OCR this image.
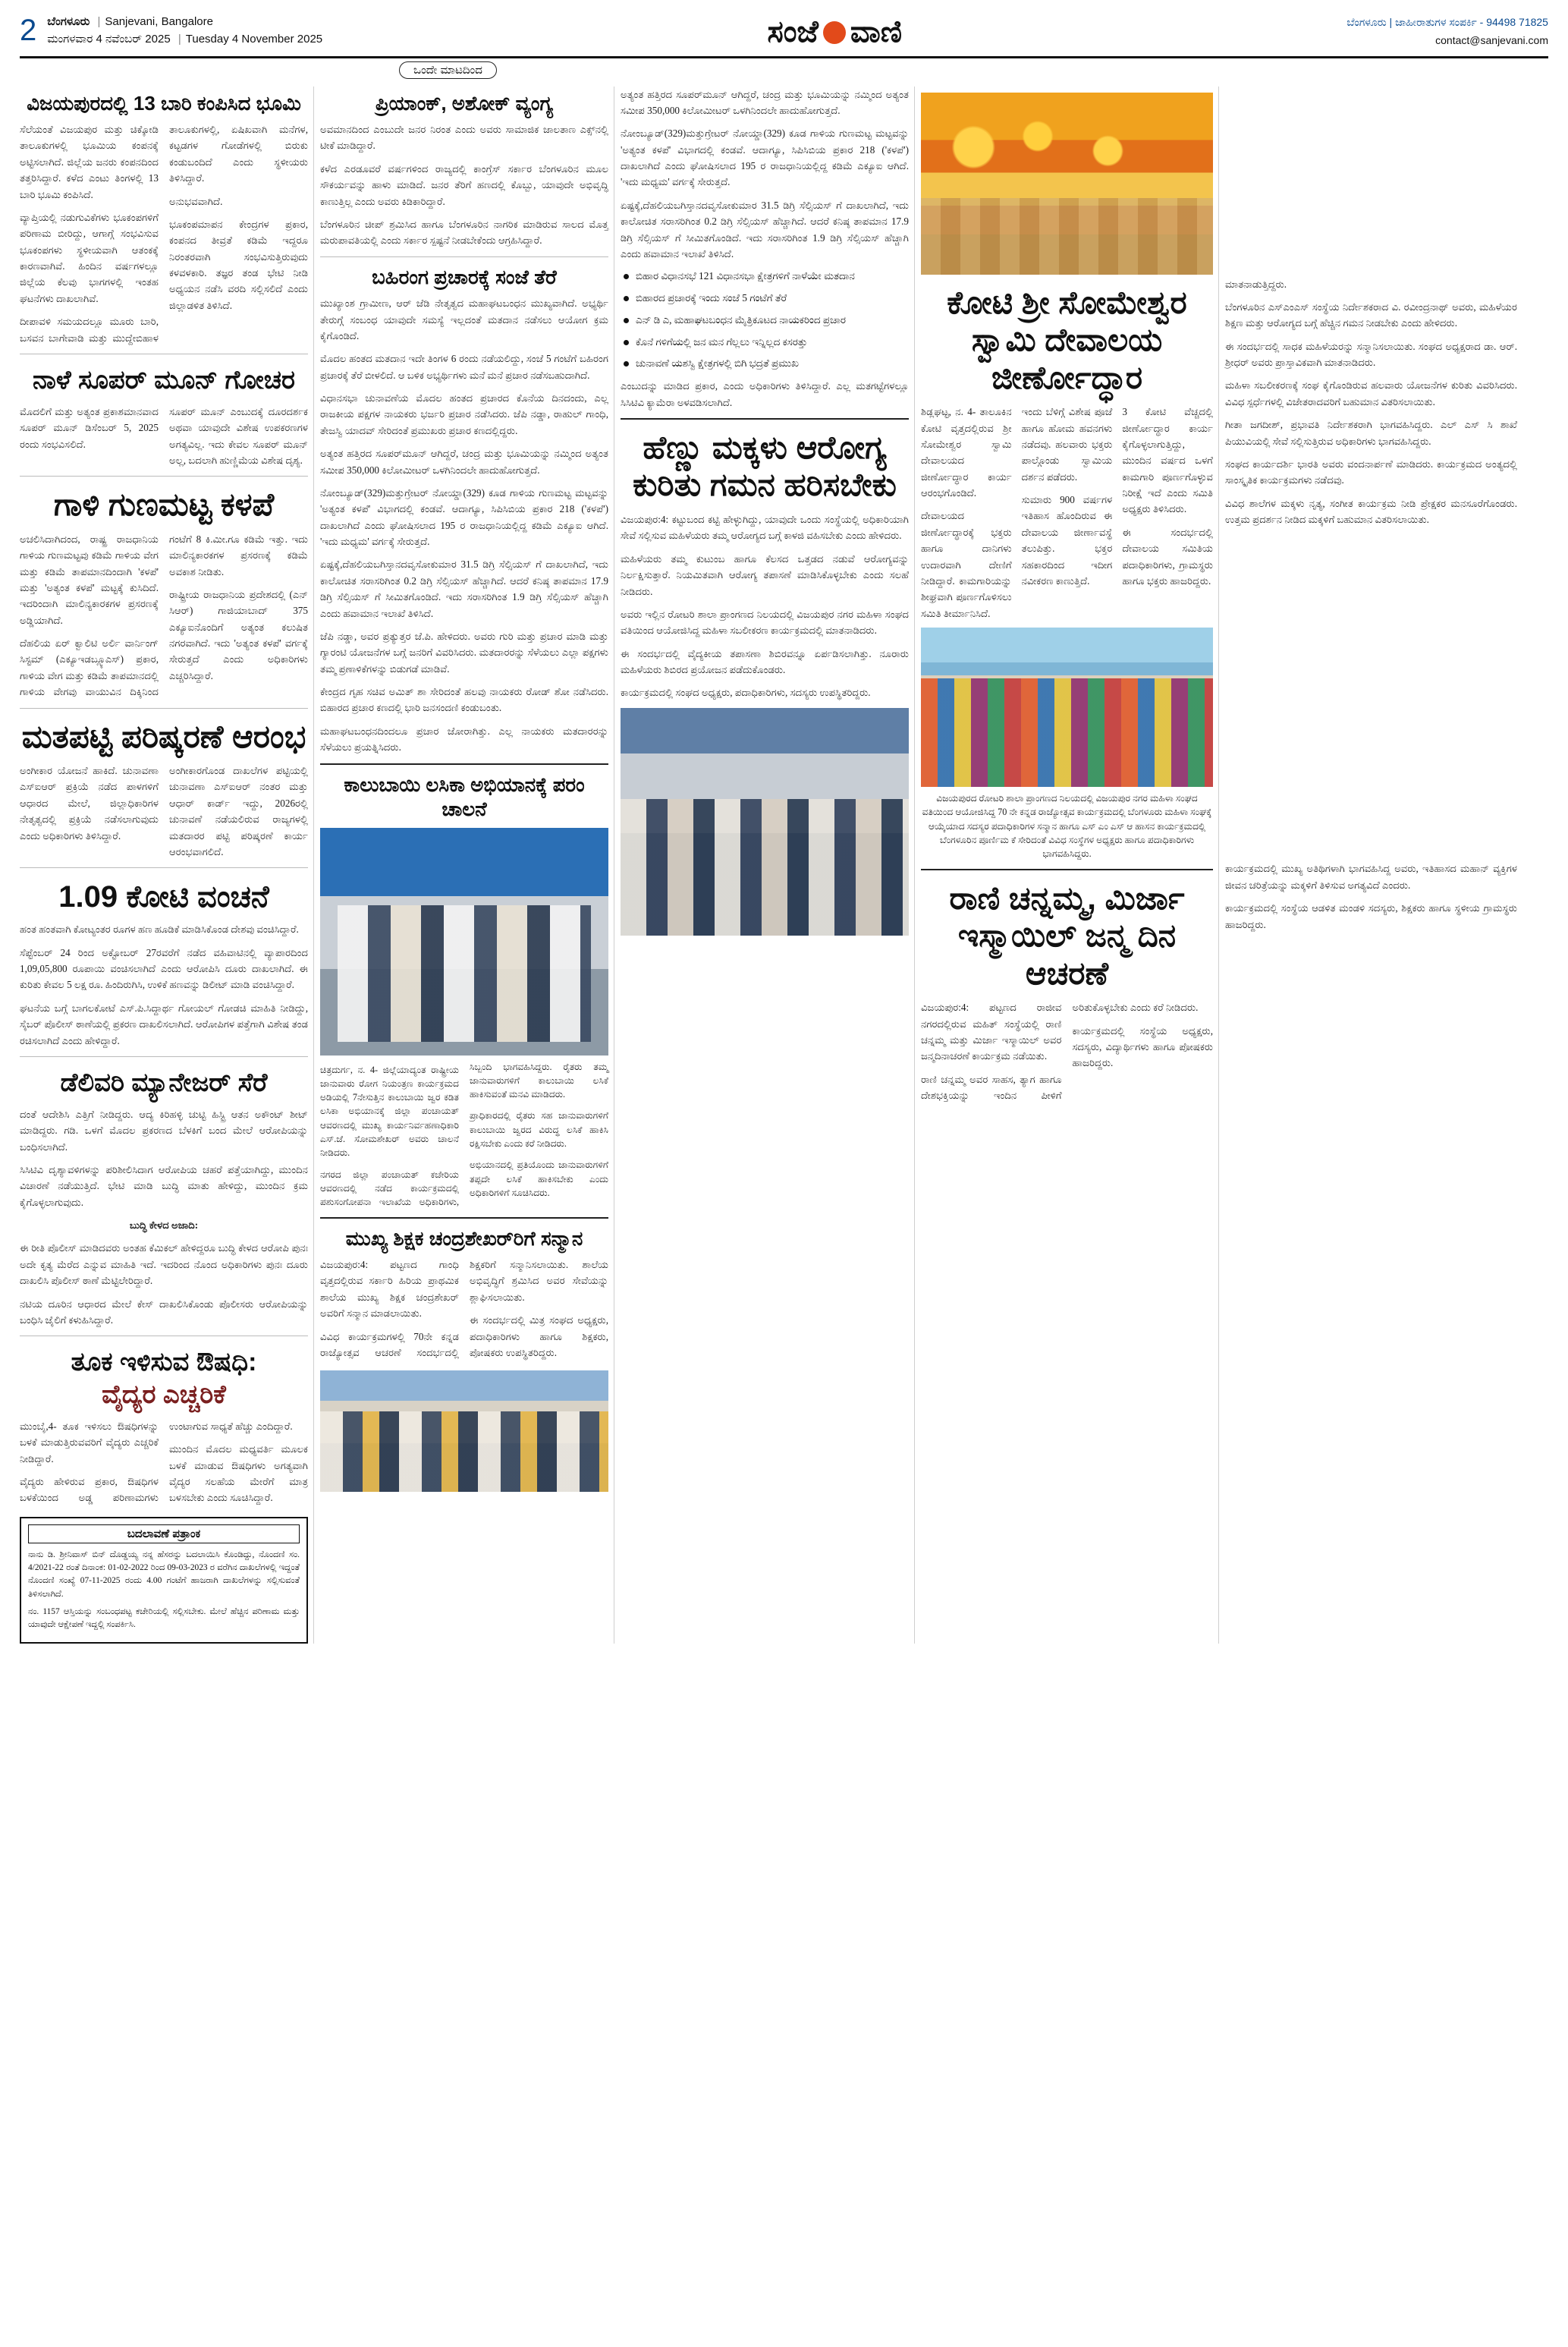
2 ಬೆಂಗಳೂರು | Sanjevani, Bangalore
ಮಂಗಳವಾರ 4 ನವೆಂಬರ್ 2025 | Tuesday 4 November 2025	ಸಂಜೆ ವಾಣಿ	ಬೆಂಗಳೂರು | ಜಾಹೀರಾತುಗಳ ಸಂಪರ್ಕಿ - 94498 71825
contact@sanjevani.com
ಒಂದೇ ಮಾಟದಿಂದ
ವಿಜಯಪುರದಲ್ಲಿ 13 ಬಾರಿ ಕಂಪಿಸಿದ ಭೂಮಿ

ಸೆಲೆಯಂತೆ ವಿಜಯಪುರ ಮತ್ತು ಚಿಕ್ಕೋಡಿ ತಾಲೂಕುಗಳಲ್ಲಿ ಭೂಮಿಯ ಕಂಪನಕ್ಕೆ ಅಟ್ಟಿಸಲಾಗಿದೆ. ಜಿಲ್ಲೆಯ ಜನರು ಕಂಪನದಿಂದ ತತ್ತರಿಸಿದ್ದಾರೆ. ಕಳೆದ ಎಂಟು ತಿಂಗಳಲ್ಲಿ 13 ಬಾರಿ ಭೂಮಿ ಕಂಪಿಸಿದೆ.

ವ್ಯಾಪ್ತಿಯಲ್ಲಿ ನಡುಗುವಿಕೆಗಳು ಭೂಕಂಪಗಳಿಗೆ ಪರಿಣಾಮ ಬೀರಿದ್ದು, ಆಗಾಗ್ಗೆ ಸಂಭವಿಸುವ ಭೂಕಂಪಗಳು ಸ್ಥಳೀಯವಾಗಿ ಆತಂಕಕ್ಕೆ ಕಾರಣವಾಗಿವೆ. ಹಿಂದಿನ ವರ್ಷಗಳಲ್ಲೂ ಜಿಲ್ಲೆಯ ಕೆಲವು ಭಾಗಗಳಲ್ಲಿ ಇಂತಹ ಘಟನೆಗಳು ದಾಖಲಾಗಿವೆ.

ದೀಪಾವಳಿ ಸಮಯದಲ್ಲೂ ಮೂರು ಬಾರಿ, ಬಸವನ ಬಾಗೇವಾಡಿ ಮತ್ತು ಮುದ್ದೇಬಿಹಾಳ ತಾಲೂಕುಗಳಲ್ಲಿ, ಏಷಿಖವಾಗಿ ಮನೆಗಳ, ಕಟ್ಟಡಗಳ ಗೋಡೆಗಳಲ್ಲಿ ಬಿರುಕು ಕಂಡುಬಂದಿದೆ ಎಂದು ಸ್ಥಳೀಯರು ತಿಳಿಸಿದ್ದಾರೆ.

ಅನುಭವವಾಗಿದೆ.

ಭೂಕಂಪಮಾಪನ ಕೇಂದ್ರಗಳ ಪ್ರಕಾರ, ಕಂಪನದ ತೀವ್ರತೆ ಕಡಿಮೆ ಇದ್ದರೂ ನಿರಂತರವಾಗಿ ಸಂಭವಿಸುತ್ತಿರುವುದು ಕಳವಳಕಾರಿ. ತಜ್ಞರ ತಂಡ ಭೇಟಿ ನೀಡಿ ಅಧ್ಯಯನ ನಡೆಸಿ ವರದಿ ಸಲ್ಲಿಸಲಿದೆ ಎಂದು ಜಿಲ್ಲಾಡಳಿತ ತಿಳಿಸಿದೆ.

ನಾಳೆ ಸೂಪರ್ ಮೂನ್ ಗೋಚರ

ಮೊದಲಿಗೆ ಮತ್ತು ಅತ್ಯಂತ ಪ್ರಕಾಶಮಾನವಾದ ಸೂಪರ್ ಮೂನ್ ಡಿಸೆಂಬರ್ 5, 2025 ರಂದು ಸಂಭವಿಸಲಿದೆ.

ಸೂಪರ್ ಮೂನ್ ಎಂಬುದಕ್ಕೆ ದೂರದರ್ಶಕ ಅಥವಾ ಯಾವುದೇ ವಿಶೇಷ ಉಪಕರಣಗಳ ಅಗತ್ಯವಿಲ್ಲ. ಇದು ಕೇವಲ ಸೂಪರ್ ಮೂನ್ ಅಲ್ಲ, ಬದಲಾಗಿ ಹುಣ್ಣಿಮೆಯ ವಿಶೇಷ ದೃಶ್ಯ.

ಗಾಳಿ ಗುಣಮಟ್ಟ ಕಳಪೆ

ಅಚಲಿಸಿದಾಗಿದಂದ, ರಾಷ್ಟ್ರ ರಾಜಧಾನಿಯ ಗಾಳಿಯ ಗುಣಮಟ್ಟವು ಕಡಿಮೆ ಗಾಳಿಯ ವೇಗ ಮತ್ತು ಕಡಿಮೆ ತಾಪಮಾನದಿಂದಾಗಿ 'ಕಳಪೆ' ಮತ್ತು 'ಅತ್ಯಂತ ಕಳಪೆ' ಮಟ್ಟಕ್ಕೆ ಕುಸಿದಿದೆ. ಇದರಿಂದಾಗಿ ಮಾಲಿನ್ಯಕಾರಕಗಳ ಪ್ರಸರಣಕ್ಕೆ ಅಡ್ಡಿಯಾಗಿದೆ.

ದೆಹಲಿಯ ಏರ್ ಕ್ವಾಲಿಟಿ ಅರ್ಲಿ ವಾರ್ನಿಂಗ್ ಸಿಸ್ಟಮ್ (ಎಕ್ಯೂಇಡಬ್ಲ್ಯೂಎಸ್) ಪ್ರಕಾರ, ಗಾಳಿಯ ವೇಗ ಮತ್ತು ಕಡಿಮೆ ತಾಪಮಾನದಲ್ಲಿ ಗಾಳಿಯ ವೇಗವು ವಾಯುವಿನ ದಿಕ್ಕಿನಿಂದ ಗಂಟೆಗೆ 8 ಕಿ.ಮೀ.ಗೂ ಕಡಿಮೆ ಇತ್ತು. ಇದು ಮಾಲಿನ್ಯಕಾರಕಗಳ ಪ್ರಸರಣಕ್ಕೆ ಕಡಿಮೆ ಅವಕಾಶ ನೀಡಿತು.

ರಾಷ್ಟ್ರೀಯ ರಾಜಧಾನಿಯ ಪ್ರದೇಶದಲ್ಲಿ (ಎನ್ ಸಿಆರ್) ಗಾಜಿಯಾಬಾದ್ 375 ಎಕ್ಯೂಐನೊಂದಿಗೆ ಅತ್ಯಂತ ಕಲುಷಿತ ನಗರವಾಗಿದೆ. ಇದು 'ಅತ್ಯಂತ ಕಳಪೆ' ವರ್ಗಕ್ಕೆ ಸೇರುತ್ತದೆ ಎಂದು ಅಧಿಕಾರಿಗಳು ಎಚ್ಚರಿಸಿದ್ದಾರೆ.

ಮತಪಟ್ಟಿ ಪರಿಷ್ಕರಣೆ ಆರಂಭ

ಅಂಗೀಕಾರ ಯೋಜನೆ ಹಾಕಿದೆ. ಚುನಾವಣಾ ಎಸ್‌ಐಆರ್‌ ಪ್ರಕ್ರಿಯೆ ನಡೆದ ಪಾಳಗಳಿಗೆ ಆಧಾರದ ಮೇಲೆ, ಜಿಲ್ಲಾಧಿಕಾರಿಗಳ ನೇತೃತ್ವದಲ್ಲಿ ಪ್ರಕ್ರಿಯೆ ನಡೆಸಲಾಗುವುದು ಎಂದು ಅಧಿಕಾರಿಗಳು ತಿಳಿಸಿದ್ದಾರೆ.

ಅಂಗೀಕಾರಗೊಂಡ ದಾಖಲೆಗಳ ಪಟ್ಟಿಯಲ್ಲಿ ಚುನಾವಣಾ ಎಸ್‌ಐಆರ್ ನಂತರ ಮತ್ತು ಆಧಾರ್ ಕಾರ್ಡ್ ಇದ್ದು, 2026ರಲ್ಲಿ ಚುನಾವಣೆ ನಡೆಯಲಿರುವ ರಾಜ್ಯಗಳಲ್ಲಿ ಮತದಾರರ ಪಟ್ಟಿ ಪರಿಷ್ಕರಣೆ ಕಾರ್ಯ ಆರಂಭವಾಗಲಿದೆ.

1.09 ಕೋಟಿ ವಂಚನೆ

ಹಂತ ಹಂತವಾಗಿ ಕೋಟ್ಯಂತರ ರೂಗಳ ಹಣ ಹೂಡಿಕೆ ಮಾಡಿಸಿಕೊಂಡ ದೇಶವು ವಂಚಿಸಿದ್ದಾರೆ.

ಸೆಪ್ಟೆಂಬರ್ 24 ರಿಂದ ಅಕ್ಟೋಬರ್ 27ರವರೆಗೆ ನಡೆದ ವಹಿವಾಟಿನಲ್ಲಿ ವ್ಯಾಪಾರದಿಂದ 1,09,05,800 ರೂಪಾಯಿ ವಂಚಿಸಲಾಗಿದೆ ಎಂದು ಆರೋಪಿಸಿ ದೂರು ದಾಖಲಾಗಿದೆ. ಈ ಕುರಿತು ಕೇವಲ 5 ಲಕ್ಷ ರೂ. ಹಿಂದಿರುಗಿಸಿ, ಉಳಿಕೆ ಹಣವನ್ನು ಡಿಲೀಟ್ ಮಾಡಿ ವಂಚಿಸಿದ್ದಾರೆ.

ಘಟನೆಯ ಬಗ್ಗೆ ಬಾಗಲಕೋಟೆ ಎಸ್‌.ಪಿ.ಸಿದ್ದಾರ್ಥ ಗೋಯಲ್ ಗೋಡಚಿ ಮಾಹಿತಿ ನೀಡಿದ್ದು, ಸೈಬರ್ ಪೊಲೀಸ್ ಠಾಣೆಯಲ್ಲಿ ಪ್ರಕರಣ ದಾಖಲಿಸಲಾಗಿದೆ. ಆರೋಪಿಗಳ ಪತ್ತೆಗಾಗಿ ವಿಶೇಷ ತಂಡ ರಚಿಸಲಾಗಿದೆ ಎಂದು ಹೇಳಿದ್ದಾರೆ.

ಡೆಲಿವರಿ ಮ್ಯಾನೇಜರ್ ಸೆರೆ

ದಂತೆ ಆದೇಶಿಸಿ ಎತ್ತಿಗೆ ನೀಡಿದ್ದರು. ಆದ್ಯ ಕಿರಿಹಳ್ಳಿ ಚುಟ್ಟಿ ಹಿಸ್ಟ್ರಿ ಆತನ ಅಕೌಂಟ್ ಶೀಟ್ ಮಾಡಿದ್ದರು. ಗಡಿ. ಒಳಗೆ ಮೊದಲ ಪ್ರಕರಣದ ಬೆಳಕಿಗೆ ಬಂದ ಮೇಲೆ ಆರೋಪಿಯನ್ನು ಬಂಧಿಸಲಾಗಿದೆ.

ಸಿಸಿಟಿವಿ ದೃಶ್ಯಾವಳಿಗಳನ್ನು ಪರಿಶೀಲಿಸಿದಾಗ ಆರೋಪಿಯ ಚಹರೆ ಪತ್ತೆಯಾಗಿದ್ದು, ಮುಂದಿನ ವಿಚಾರಣೆ ನಡೆಯುತ್ತಿದೆ. ಭೇಟಿ ಮಾಡಿ ಬುದ್ಧಿ ಮಾತು ಹೇಳಿದ್ದು, ಮುಂದಿನ ಕ್ರಮ ಕೈಗೊಳ್ಳಲಾಗುವುದು.

ಬುದ್ಧಿ ಕೇಳದ ಅಜಾದಿ:

ಈ ರೀತಿ ಪೊಲೀಸ್ ಮಾಡಿದವರು ಅಂತಹ ಕೆಮಿಕಲ್ ಹೇಳಿದ್ದರೂ ಬುದ್ಧಿ ಕೇಳದ ಆರೋಪಿ ಪುನಃ ಅದೇ ಕೃತ್ಯ ಮೆರೆದ ಎನ್ನುವ ಮಾಹಿತಿ ಇದೆ. ಇದರಿಂದ ನೊಂದ ಅಧಿಕಾರಿಗಳು ಪುನಃ ದೂರು ದಾಖಲಿಸಿ ಪೊಲೀಸ್ ಠಾಣೆ ಮೆಟ್ಟಿಲೇರಿದ್ದಾರೆ.

ನಟಿಯ ದೂರಿನ ಆಧಾರದ ಮೇಲೆ ಕೇಸ್ ದಾಖಲಿಸಿಕೊಂಡು ಪೊಲೀಸರು ಆರೋಪಿಯನ್ನು ಬಂಧಿಸಿ ಜೈಲಿಗೆ ಕಳುಹಿಸಿದ್ದಾರೆ.

ತೂಕ ಇಳಿಸುವ ಔಷಧಿ:
ವೈದ್ಯರ ಎಚ್ಚರಿಕೆ

ಮುಂಬೈ,4- ತೂಕ ಇಳಿಸಲು ಔಷಧಿಗಳನ್ನು ಬಳಕೆ ಮಾಡುತ್ತಿರುವವರಿಗೆ ವೈದ್ಯರು ಎಚ್ಚರಿಕೆ ನೀಡಿದ್ದಾರೆ.

ವೈದ್ಯರು ಹೇಳಿರುವ ಪ್ರಕಾರ, ಔಷಧಿಗಳ ಬಳಕೆಯಿಂದ ಅಡ್ಡ ಪರಿಣಾಮಗಳು ಉಂಟಾಗುವ ಸಾಧ್ಯತೆ ಹೆಚ್ಚು ಎಂದಿದ್ದಾರೆ.

ಮುಂದಿನ ಮೊದಲ ಮಧ್ಯವರ್ತಿ ಮೂಲಕ ಬಳಕೆ ಮಾಡುವ ಔಷಧಿಗಳು ಅಗತ್ಯವಾಗಿ ವೈದ್ಯರ ಸಲಹೆಯ ಮೇರೆಗೆ ಮಾತ್ರ ಬಳಸಬೇಕು ಎಂದು ಸೂಚಿಸಿದ್ದಾರೆ.

ಬದಲಾವಣೆ ಪತ್ರಾಂಕ

ನಾನು ಡಿ. ಶ್ರೀನಿವಾಸ್ ಬಿನ್ ದೊಡ್ಡಯ್ಯ ನನ್ನ ಹೆಸರನ್ನು ಬದಲಾಯಿಸಿ ಕೊಂಡಿದ್ದು, ನೊಂದಣಿ ಸಂ. 4/2021-22 ರಂತೆ ದಿನಾಂಕ: 01-02-2022 ರಿಂದ 09-03-2023 ರ ವರೆಗಿನ ದಾಖಲೆಗಳಲ್ಲಿ ಇದ್ದಂತೆ ನೊಂದಣಿ ಸಂಖ್ಯೆ 07-11-2025 ರಂದು 4.00 ಗಂಟೆಗೆ ಹಾಜರಾಗಿ ದಾಖಲೆಗಳನ್ನು ಸಲ್ಲಿಸುವಂತೆ ತಿಳಿಸಲಾಗಿದೆ.

ನಂ. 1157 ಆಸ್ತಿಯನ್ನು ಸಂಬಂಧಪಟ್ಟ ಕಚೇರಿಯಲ್ಲಿ ಸಲ್ಲಿಸಬೇಕು. ಮೇಲೆ ಹೆಚ್ಚಿನ ಪರಿಣಾಮ ಮತ್ತು ಯಾವುದೇ ಆಕ್ಷೇಪಣೆ ಇದ್ದಲ್ಲಿ ಸಂಪರ್ಕಿಸಿ.

ಪ್ರಿಯಾಂಕ್, ಅಶೋಕ್ ವ್ಯಂಗ್ಯ

ಅವಮಾನದಿಂದ ಎಂಬುದೇ ಜನರ ನಿರಂತ ಎಂದು ಅವರು ಸಾಮಾಜಿಕ ಜಾಲತಾಣ ಎಕ್ಸ್‌ನಲ್ಲಿ ಟೀಕೆ ಮಾಡಿದ್ದಾರೆ.

ಕಳೆದ ಎರಡೂವರೆ ವರ್ಷಗಳಿಂದ ರಾಜ್ಯದಲ್ಲಿ ಕಾಂಗ್ರೆಸ್ ಸರ್ಕಾರ ಬೆಂಗಳೂರಿನ ಮೂಲ ಸೌಕರ್ಯವನ್ನು ಹಾಳು ಮಾಡಿದೆ. ಜನರ ತೆರಿಗೆ ಹಣದಲ್ಲಿ ಕೊಬ್ಬು, ಯಾವುದೇ ಅಭಿವೃದ್ಧಿ ಕಾಣುತ್ತಿಲ್ಲ ಎಂದು ಅವರು ಕಿಡಿಕಾರಿದ್ದಾರೆ.

ಬೆಂಗಳೂರಿನ ಚೀಪ್ ಶ್ರಮಿಸಿದ ಹಾಗೂ ಬೆಂಗಳೂರಿನ ನಾಗರಿಕ ಮಾಡಿರುವ ಸಾಲದ ಮೊತ್ತ ಮರುಪಾವತಿಯಲ್ಲಿ ಎಂದು ಸರ್ಕಾರ ಸ್ಪಷ್ಟನೆ ನೀಡಬೇಕೆಂದು ಆಗ್ರಹಿಸಿದ್ದಾರೆ.

ಬಹಿರಂಗ ಪ್ರಚಾರಕ್ಕೆ ಸಂಜೆ ತೆರೆ

ಮುಖ್ಯಾಂಶ ಗ್ರಾಮೀಣ, ಆರ್ ಜೆಡಿ ನೇತೃತ್ವದ ಮಹಾಘಟಬಂಧನ ಮುಖ್ಯವಾಗಿದೆ. ಅಭ್ಯರ್ಥಿ ತೇರುಗ್ಗೆ ಸಂಬಂಧ ಯಾವುದೇ ಸಮಸ್ಯೆ ಇಲ್ಲದಂತೆ ಮತದಾನ ನಡೆಸಲು ಆಯೋಗ ಕ್ರಮ ಕೈಗೊಂಡಿದೆ.

ಮೊದಲ ಹಂತದ ಮತದಾನ ಇದೇ ತಿಂಗಳ 6 ರಂದು ನಡೆಯಲಿದ್ದು, ಸಂಜೆ 5 ಗಂಟೆಗೆ ಬಹಿರಂಗ ಪ್ರಚಾರಕ್ಕೆ ತೆರೆ ಬೀಳಲಿದೆ. ಆ ಬಳಿಕ ಅಭ್ಯರ್ಥಿಗಳು ಮನೆ ಮನೆ ಪ್ರಚಾರ ನಡೆಸಬಹುದಾಗಿದೆ.

ವಿಧಾನಸಭಾ ಚುನಾವಣೆಯ ಮೊದಲ ಹಂತದ ಪ್ರಚಾರದ ಕೊನೆಯ ದಿನದಂದು, ಎಲ್ಲ ರಾಜಕೀಯ ಪಕ್ಷಗಳ ನಾಯಕರು ಭರ್ಜರಿ ಪ್ರಚಾರ ನಡೆಸಿದರು. ಜೆಪಿ ನಡ್ಡಾ, ರಾಹುಲ್ ಗಾಂಧಿ, ತೇಜಸ್ವಿ ಯಾದವ್ ಸೇರಿದಂತೆ ಪ್ರಮುಖರು ಪ್ರಚಾರ ಕಣದಲ್ಲಿದ್ದರು.

ಅತ್ಯಂತ ಹತ್ತಿರದ ಸೂಪರ್‌ಮೂನ್ ಆಗಿದ್ದರೆ, ಚಂದ್ರ ಮತ್ತು ಭೂಮಿಯನ್ನು ನಮ್ಮಿಂದ ಅತ್ಯಂತ ಸಮೀಪ 350,000 ಕಿಲೋಮೀಟರ್ ಒಳಗಿನಿಂದಲೇ ಹಾದುಹೋಗುತ್ತದೆ.

ನೋಂಬ್ಯೂಡ್(329)ಮತ್ತುಗ್ರೇಟರ್ ನೋಯ್ಡಾ(329) ಕೂಡ ಗಾಳಿಯ ಗುಣಮಟ್ಟ ಮಟ್ಟವನ್ನು 'ಅತ್ಯಂತ ಕಳಪೆ' ವಿಭಾಗದಲ್ಲಿ ಕಂಡವೆ. ಆದಾಗ್ಯೂ, ಸಿಪಿಸಿಬಿಯ ಪ್ರಕಾರ 218 ('ಕಳಪೆ') ದಾಖಲಾಗಿದೆ ಎಂದು ಘೋಷಿಸಲಾದ 195 ರ ರಾಜಧಾನಿಯಲ್ಲಿದ್ದ ಕಡಿಮೆ ಎಕ್ಯೂಐ ಆಗಿದೆ. 'ಇದು ಮಧ್ಯಮ' ವರ್ಗಕ್ಕೆ ಸೇರುತ್ತದೆ.

ಏಷ್ಟಕ್ಕೆ,ದೆಹಲಿಯಬಗಿಸ್ತಾನದವೃಸೋಕುಮಾರ 31.5 ಡಿಗ್ರಿ ಸೆಲ್ಸಿಯಸ್ ಗೆ ದಾಖಲಾಗಿದೆ, ಇದು ಕಾಲೋಚಿತ ಸರಾಸರಿಗಿಂತ 0.2 ಡಿಗ್ರಿ ಸೆಲ್ಸಿಯಸ್ ಹೆಚ್ಚಾಗಿದೆ. ಆದರೆ ಕನಿಷ್ಠ ತಾಪಮಾನ 17.9 ಡಿಗ್ರಿ ಸೆಲ್ಸಿಯಸ್ ಗೆ ಸೀಮಿತಗೊಂಡಿದೆ. ಇದು ಸರಾಸರಿಗಿಂತ 1.9 ಡಿಗ್ರಿ ಸೆಲ್ಸಿಯಸ್ ಹೆಚ್ಚಾಗಿ ಎಂದು ಹವಾಮಾನ ಇಲಾಖೆ ತಿಳಿಸಿದೆ.

ಜೆಪಿ ನಡ್ಡಾ, ಅವರ ಪ್ರತ್ಯುತ್ತರ ಜೆ.ಪಿ. ಹೇಳಿದರು. ಅವರು ಗುರಿ ಮತ್ತು ಪ್ರಚಾರ ಮಾಡಿ ಮತ್ತು ಗ್ಯಾರಂಟಿ ಯೋಜನೆಗಳ ಬಗ್ಗೆ ಜನರಿಗೆ ವಿವರಿಸಿದರು. ಮತದಾರರನ್ನು ಸೆಳೆಯಲು ಎಲ್ಲಾ ಪಕ್ಷಗಳು ತಮ್ಮ ಪ್ರಣಾಳಿಕೆಗಳನ್ನು ಬಿಡುಗಡೆ ಮಾಡಿವೆ.

ಕೇಂದ್ರದ ಗೃಹ ಸಚಿವ ಅಮಿತ್ ಶಾ ಸೇರಿದಂತೆ ಹಲವು ನಾಯಕರು ರೋಡ್ ಶೋ ನಡೆಸಿದರು. ಬಿಹಾರದ ಪ್ರಚಾರ ಕಣದಲ್ಲಿ ಭಾರಿ ಜನಸಂದಣಿ ಕಂಡುಬಂತು.

ಮಹಾಘಟಬಂಧನದಿಂದಲೂ ಪ್ರಚಾರ ಜೋರಾಗಿತ್ತು. ಎಲ್ಲ ನಾಯಕರು ಮತದಾರರನ್ನು ಸೆಳೆಯಲು ಪ್ರಯತ್ನಿಸಿದರು.

ಕಾಲುಬಾಯಿ ಲಸಿಕಾ ಅಭಿಯಾನಕ್ಕೆ ಪರಂ ಚಾಲನೆ

ಚಿತ್ರದುರ್ಗ, ನ. 4- ಜಿಲ್ಲೆಯಾದ್ಯಂತ ರಾಷ್ಟ್ರೀಯ ಜಾನುವಾರು ರೋಗ ನಿಯಂತ್ರಣ ಕಾರ್ಯಕ್ರಮದ ಅಡಿಯಲ್ಲಿ 7ನೇಸುತ್ತಿನ ಕಾಲುಬಾಯಿ ಜ್ವರ ಕಡಿತ ಲಸಿಕಾ ಅಭಿಯಾನಕ್ಕೆ ಜಿಲ್ಲಾ ಪಂಚಾಯತ್ ಆವರಣದಲ್ಲಿ ಮುಖ್ಯ ಕಾರ್ಯನಿರ್ವಹಣಾಧಿಕಾರಿ ಎಸ್.ಜೆ. ಸೋಮಶೇಖರ್ ಅವರು ಚಾಲನೆ ನೀಡಿದರು.

ನಗರದ ಜಿಲ್ಲಾ ಪಂಚಾಯತ್ ಕಚೇರಿಯ ಆವರಣದಲ್ಲಿ ನಡೆದ ಕಾರ್ಯಕ್ರಮದಲ್ಲಿ ಪಶುಸಂಗೋಪನಾ ಇಲಾಖೆಯ ಅಧಿಕಾರಿಗಳು, ಸಿಬ್ಬಂದಿ ಭಾಗವಹಿಸಿದ್ದರು. ರೈತರು ತಮ್ಮ ಜಾನುವಾರುಗಳಿಗೆ ಕಾಲುಬಾಯಿ ಲಸಿಕೆ ಹಾಕಿಸುವಂತೆ ಮನವಿ ಮಾಡಿದರು.

ಪ್ರಾಧಿಕಾರದಲ್ಲಿ ರೈತರು ಸಹ ಜಾನುವಾರುಗಳಿಗೆ ಕಾಲುಬಾಯಿ ಜ್ವರದ ವಿರುದ್ಧ ಲಸಿಕೆ ಹಾಕಿಸಿ ರಕ್ಷಿಸಬೇಕು ಎಂದು ಕರೆ ನೀಡಿದರು.

ಅಭಿಯಾನದಲ್ಲಿ ಪ್ರತಿಯೊಂದು ಜಾನುವಾರುಗಳಿಗೆ ತಪ್ಪದೇ ಲಸಿಕೆ ಹಾಕಿಸಬೇಕು ಎಂದು ಅಧಿಕಾರಿಗಳಿಗೆ ಸೂಚಿಸಿದರು.

ಮುಖ್ಯ ಶಿಕ್ಷಕ ಚಂದ್ರಶೇಖರ್‌ರಿಗೆ ಸನ್ಮಾನ

ವಿಜಯಪುರ:4: ಪಟ್ಟಣದ ಗಾಂಧಿ ವೃತ್ತದಲ್ಲಿರುವ ಸರ್ಕಾರಿ ಹಿರಿಯ ಪ್ರಾಥಮಿಕ ಶಾಲೆಯ ಮುಖ್ಯ ಶಿಕ್ಷಕ ಚಂದ್ರಶೇಖರ್ ಅವರಿಗೆ ಸನ್ಮಾನ ಮಾಡಲಾಯಿತು.

ವಿವಿಧ ಕಾರ್ಯಕ್ರಮಗಳಲ್ಲಿ 70ನೇ ಕನ್ನಡ ರಾಜ್ಯೋತ್ಸವ ಆಚರಣೆ ಸಂದರ್ಭದಲ್ಲಿ ಶಿಕ್ಷಕರಿಗೆ ಸನ್ಮಾನಿಸಲಾಯಿತು. ಶಾಲೆಯ ಅಭಿವೃದ್ಧಿಗೆ ಶ್ರಮಿಸಿದ ಅವರ ಸೇವೆಯನ್ನು ಶ್ಲಾಘಿಸಲಾಯಿತು.

ಈ ಸಂದರ್ಭದಲ್ಲಿ ಮಿತ್ರ ಸಂಘದ ಅಧ್ಯಕ್ಷರು, ಪದಾಧಿಕಾರಿಗಳು ಹಾಗೂ ಶಿಕ್ಷಕರು, ಪೋಷಕರು ಉಪಸ್ಥಿತರಿದ್ದರು.

ಅತ್ಯಂತ ಹತ್ತಿರದ ಸೂಪರ್‌ಮೂನ್ ಆಗಿದ್ದರೆ, ಚಂದ್ರ ಮತ್ತು ಭೂಮಿಯನ್ನು ನಮ್ಮಿಂದ ಅತ್ಯಂತ ಸಮೀಪ 350,000 ಕಿಲೋಮೀಟರ್ ಒಳಗಿನಿಂದಲೇ ಹಾದುಹೋಗುತ್ತದೆ.

ನೋಂಬ್ಯೂಡ್(329)ಮತ್ತುಗ್ರೇಟರ್ ನೋಯ್ಡಾ(329) ಕೂಡ ಗಾಳಿಯ ಗುಣಮಟ್ಟ ಮಟ್ಟವನ್ನು 'ಅತ್ಯಂತ ಕಳಪೆ' ವಿಭಾಗದಲ್ಲಿ ಕಂಡವೆ. ಆದಾಗ್ಯೂ, ಸಿಪಿಸಿಬಿಯ ಪ್ರಕಾರ 218 ('ಕಳಪೆ') ದಾಖಲಾಗಿದೆ ಎಂದು ಘೋಷಿಸಲಾದ 195 ರ ರಾಜಧಾನಿಯಲ್ಲಿದ್ದ ಕಡಿಮೆ ಎಕ್ಯೂಐ ಆಗಿದೆ. 'ಇದು ಮಧ್ಯಮ' ವರ್ಗಕ್ಕೆ ಸೇರುತ್ತದೆ.

ಏಷ್ಟಕ್ಕೆ,ದೆಹಲಿಯಬಗಿಸ್ತಾನದವೃಸೋಕುಮಾರ 31.5 ಡಿಗ್ರಿ ಸೆಲ್ಸಿಯಸ್ ಗೆ ದಾಖಲಾಗಿದೆ, ಇದು ಕಾಲೋಚಿತ ಸರಾಸರಿಗಿಂತ 0.2 ಡಿಗ್ರಿ ಸೆಲ್ಸಿಯಸ್ ಹೆಚ್ಚಾಗಿದೆ. ಆದರೆ ಕನಿಷ್ಠ ತಾಪಮಾನ 17.9 ಡಿಗ್ರಿ ಸೆಲ್ಸಿಯಸ್ ಗೆ ಸೀಮಿತಗೊಂಡಿದೆ. ಇದು ಸರಾಸರಿಗಿಂತ 1.9 ಡಿಗ್ರಿ ಸೆಲ್ಸಿಯಸ್ ಹೆಚ್ಚಾಗಿ ಎಂದು ಹವಾಮಾನ ಇಲಾಖೆ ತಿಳಿಸಿದೆ.

ಬಿಹಾರ ವಿಧಾನಸಭೆ 121 ವಿಧಾನಸಭಾ ಕ್ಷೇತ್ರಗಳಿಗೆ ನಾಳೆಯೇ ಮತದಾನ
ಬಿಹಾರದ ಪ್ರಚಾರಕ್ಕೆ ಇಂದು ಸಂಜೆ 5 ಗಂಟೆಗೆ ತೆರೆ
ಎನ್ ಡಿ ಎ, ಮಹಾಘಟಬಂಧನ ಮೈತ್ರಿಕೂಟದ ನಾಯಕರಿಂದ ಪ್ರಚಾರ
ಕೊನೆ ಗಳಿಗೆಯಲ್ಲಿ ಜನ ಮನ ಗೆಲ್ಲಲು ಇನ್ನಿಲ್ಲದ ಕಸರತ್ತು
ಚುನಾವಣೆ ಯಶಸ್ವಿ ಕ್ಷೇತ್ರಗಳಲ್ಲಿ ಬಿಗಿ ಭದ್ರತೆ ಪ್ರಮುಖ

ಎಂಬುದನ್ನು ಮಾಡಿದ ಪ್ರಕಾರ, ಎಂದು ಅಧಿಕಾರಿಗಳು ತಿಳಿಸಿದ್ದಾರೆ. ಎಲ್ಲ ಮತಗಟ್ಟೆಗಳಲ್ಲೂ ಸಿಸಿಟಿವಿ ಕ್ಯಾಮೆರಾ ಅಳವಡಿಸಲಾಗಿದೆ.

ಹೆಣ್ಣು ಮಕ್ಕಳು ಆರೋಗ್ಯ ಕುರಿತು ಗಮನ ಹರಿಸಬೇಕು

ವಿಜಯಪುರ:4: ಕಟ್ಟುಬಂದ ಕಟ್ಟಿ ಹೇಳ್ಳುಗಿದ್ದು, ಯಾವುದೇ ಒಂದು ಸಂಸ್ಥೆಯಲ್ಲಿ ಅಧಿಕಾರಿಯಾಗಿ ಸೇವೆ ಸಲ್ಲಿಸುವ ಮಹಿಳೆಯರು ತಮ್ಮ ಆರೋಗ್ಯದ ಬಗ್ಗೆ ಕಾಳಜಿ ವಹಿಸಬೇಕು ಎಂದು ಹೇಳಿದರು.

ಮಹಿಳೆಯರು ತಮ್ಮ ಕುಟುಂಬ ಹಾಗೂ ಕೆಲಸದ ಒತ್ತಡದ ನಡುವೆ ಆರೋಗ್ಯವನ್ನು ನಿರ್ಲಕ್ಷಿಸುತ್ತಾರೆ. ನಿಯಮಿತವಾಗಿ ಆರೋಗ್ಯ ತಪಾಸಣೆ ಮಾಡಿಸಿಕೊಳ್ಳಬೇಕು ಎಂದು ಸಲಹೆ ನೀಡಿದರು.

ಅವರು ಇಲ್ಲಿನ ರೋಟರಿ ಶಾಲಾ ಪ್ರಾಂಗಣದ ನಿಲಯದಲ್ಲಿ ವಿಜಯಪುರ ನಗರ ಮಹಿಳಾ ಸಂಘದ ವತಿಯಿಂದ ಆಯೋಜಿಸಿದ್ದ ಮಹಿಳಾ ಸಬಲೀಕರಣ ಕಾರ್ಯಕ್ರಮದಲ್ಲಿ ಮಾತನಾಡಿದರು.

ಈ ಸಂದರ್ಭದಲ್ಲಿ ವೈದ್ಯಕೀಯ ತಪಾಸಣಾ ಶಿಬಿರವನ್ನೂ ಏರ್ಪಡಿಸಲಾಗಿತ್ತು. ನೂರಾರು ಮಹಿಳೆಯರು ಶಿಬಿರದ ಪ್ರಯೋಜನ ಪಡೆದುಕೊಂಡರು.

ಕಾರ್ಯಕ್ರಮದಲ್ಲಿ ಸಂಘದ ಅಧ್ಯಕ್ಷರು, ಪದಾಧಿಕಾರಿಗಳು, ಸದಸ್ಯರು ಉಪಸ್ಥಿತರಿದ್ದರು.

ಕೋಟಿ ಶ್ರೀ ಸೋಮೇಶ್ವರ ಸ್ವಾಮಿ ದೇವಾಲಯ ಜೀರ್ಣೋದ್ಧಾರ

ಶಿಡ್ಲಘಟ್ಟ, ನ. 4- ತಾಲೂಕಿನ ಕೋಟಿ ವೃತ್ತದಲ್ಲಿರುವ ಶ್ರೀ ಸೋಮೇಶ್ವರ ಸ್ವಾಮಿ ದೇವಾಲಯದ ಜೀರ್ಣೋದ್ಧಾರ ಕಾರ್ಯ ಆರಂಭಗೊಂಡಿದೆ.

ದೇವಾಲಯದ ಜೀರ್ಣೋದ್ಧಾರಕ್ಕೆ ಭಕ್ತರು ಹಾಗೂ ದಾನಿಗಳು ಉದಾರವಾಗಿ ದೇಣಿಗೆ ನೀಡಿದ್ದಾರೆ. ಕಾಮಗಾರಿಯನ್ನು ಶೀಘ್ರವಾಗಿ ಪೂರ್ಣಗೊಳಿಸಲು ಸಮಿತಿ ತೀರ್ಮಾನಿಸಿದೆ.

ಇಂದು ಬೆಳಿಗ್ಗೆ ವಿಶೇಷ ಪೂಜೆ ಹಾಗೂ ಹೋಮ ಹವನಗಳು ನಡೆದವು. ಹಲವಾರು ಭಕ್ತರು ಪಾಲ್ಗೊಂಡು ಸ್ವಾಮಿಯ ದರ್ಶನ ಪಡೆದರು.

ಸುಮಾರು 900 ವರ್ಷಗಳ ಇತಿಹಾಸ ಹೊಂದಿರುವ ಈ ದೇವಾಲಯ ಜೀರ್ಣಾವಸ್ಥೆ ತಲುಪಿತ್ತು. ಭಕ್ತರ ಸಹಕಾರದಿಂದ ಇದೀಗ ನವೀಕರಣ ಕಾಣುತ್ತಿದೆ.

3 ಕೋಟಿ ವೆಚ್ಚದಲ್ಲಿ ಜೀರ್ಣೋದ್ಧಾರ ಕಾರ್ಯ ಕೈಗೊಳ್ಳಲಾಗುತ್ತಿದ್ದು, ಮುಂದಿನ ವರ್ಷದ ಒಳಗೆ ಕಾಮಗಾರಿ ಪೂರ್ಣಗೊಳ್ಳುವ ನಿರೀಕ್ಷೆ ಇದೆ ಎಂದು ಸಮಿತಿ ಅಧ್ಯಕ್ಷರು ತಿಳಿಸಿದರು.

ಈ ಸಂದರ್ಭದಲ್ಲಿ ದೇವಾಲಯ ಸಮಿತಿಯ ಪದಾಧಿಕಾರಿಗಳು, ಗ್ರಾಮಸ್ಥರು ಹಾಗೂ ಭಕ್ತರು ಹಾಜರಿದ್ದರು.

ವಿಜಯಪುರದ ರೋಟರಿ ಶಾಲಾ ಪ್ರಾಂಗಣದ ನಿಲಯದಲ್ಲಿ ವಿಜಯಪುರ ನಗರ ಮಹಿಳಾ ಸಂಘದ ವತಿಯಿಂದ ಆಯೋಜಿಸಿದ್ದ 70 ನೇ ಕನ್ನಡ ರಾಜ್ಯೋತ್ಸವ ಕಾರ್ಯಕ್ರಮದಲ್ಲಿ ಬೆಂಗಳೂರು ಮಹಿಳಾ ಸಂಘಕ್ಕೆ ಆಯ್ಕೆಯಾದ ಸದಸ್ಯರ ಪದಾಧಿಕಾರಿಗಳ ಸನ್ಮಾನ ಹಾಗೂ ಎಸ್ ಎಂ ಎಸ್ ಆ ಹಾಸನ ಕಾರ್ಯಕ್ರಮದಲ್ಲಿ ಬೆಂಗಳೂರಿನ ಪೂರ್ಣಿಮ ಕೆ ಸೇರಿದಂತೆ ವಿವಿಧ ಸಂಸ್ಥೆಗಳ ಅಧ್ಯಕ್ಷರು ಹಾಗೂ ಪದಾಧಿಕಾರಿಗಳು ಭಾಗವಹಿಸಿದ್ದರು.

ರಾಣಿ ಚನ್ನಮ್ಮ, ಮಿರ್ಜಾ ಇಸ್ಮಾಯಿಲ್ ಜನ್ಮ ದಿನ ಆಚರಣೆ

ವಿಜಯಪುರ:4: ಪಟ್ಟಣದ ರಾಜೀವ ನಗರದಲ್ಲಿರುವ ಮಹಿತ್ ಸಂಸ್ಥೆಯಲ್ಲಿ ರಾಣಿ ಚನ್ನಮ್ಮ ಮತ್ತು ಮಿರ್ಜಾ ಇಸ್ಮಾಯಿಲ್ ಅವರ ಜನ್ಮದಿನಾಚರಣೆ ಕಾರ್ಯಕ್ರಮ ನಡೆಯಿತು.

ರಾಣಿ ಚನ್ನಮ್ಮ ಅವರ ಸಾಹಸ, ತ್ಯಾಗ ಹಾಗೂ ದೇಶಭಕ್ತಿಯನ್ನು ಇಂದಿನ ಪೀಳಿಗೆ ಅರಿತುಕೊಳ್ಳಬೇಕು ಎಂದು ಕರೆ ನೀಡಿದರು.

ಕಾರ್ಯಕ್ರಮದಲ್ಲಿ ಸಂಸ್ಥೆಯ ಅಧ್ಯಕ್ಷರು, ಸದಸ್ಯರು, ವಿದ್ಯಾರ್ಥಿಗಳು ಹಾಗೂ ಪೋಷಕರು ಹಾಜರಿದ್ದರು.

ಮಾತನಾಡುತ್ತಿದ್ದರು.

ಬೆಂಗಳೂರಿನ ಎಸ್‌ಎಂಎಸ್ ಸಂಸ್ಥೆಯ ನಿರ್ದೇಶಕರಾದ ವಿ. ರವೀಂದ್ರನಾಥ್ ಅವರು, ಮಹಿಳೆಯರ ಶಿಕ್ಷಣ ಮತ್ತು ಆರೋಗ್ಯದ ಬಗ್ಗೆ ಹೆಚ್ಚಿನ ಗಮನ ನೀಡಬೇಕು ಎಂದು ಹೇಳಿದರು.

ಈ ಸಂದರ್ಭದಲ್ಲಿ ಸಾಧಕ ಮಹಿಳೆಯರನ್ನು ಸನ್ಮಾನಿಸಲಾಯಿತು. ಸಂಘದ ಅಧ್ಯಕ್ಷರಾದ ಡಾ. ಆರ್. ಶ್ರೀಧರ್ ಅವರು ಪ್ರಾಸ್ತಾವಿಕವಾಗಿ ಮಾತನಾಡಿದರು.

ಮಹಿಳಾ ಸಬಲೀಕರಣಕ್ಕೆ ಸಂಘ ಕೈಗೊಂಡಿರುವ ಹಲವಾರು ಯೋಜನೆಗಳ ಕುರಿತು ವಿವರಿಸಿದರು. ವಿವಿಧ ಸ್ಪರ್ಧೆಗಳಲ್ಲಿ ವಿಜೇತರಾದವರಿಗೆ ಬಹುಮಾನ ವಿತರಿಸಲಾಯಿತು.

ಗೀತಾ ಜಗದೀಶ್, ಪ್ರಭಾವತಿ ನಿರ್ದೇಶಕರಾಗಿ ಭಾಗವಹಿಸಿದ್ದರು. ಎಲ್ ಎಸ್ ಸಿ ಶಾಖೆ ಪಿಯುವಿಯಲ್ಲಿ ಸೇವೆ ಸಲ್ಲಿಸುತ್ತಿರುವ ಅಧಿಕಾರಿಗಳು ಭಾಗವಹಿಸಿದ್ದರು.

ಸಂಘದ ಕಾರ್ಯದರ್ಶಿ ಭಾರತಿ ಅವರು ವಂದನಾರ್ಪಣೆ ಮಾಡಿದರು. ಕಾರ್ಯಕ್ರಮದ ಅಂತ್ಯದಲ್ಲಿ ಸಾಂಸ್ಕೃತಿಕ ಕಾರ್ಯಕ್ರಮಗಳು ನಡೆದವು.

ವಿವಿಧ ಶಾಲೆಗಳ ಮಕ್ಕಳು ನೃತ್ಯ, ಸಂಗೀತ ಕಾರ್ಯಕ್ರಮ ನೀಡಿ ಪ್ರೇಕ್ಷಕರ ಮನಸೂರೆಗೊಂಡರು. ಉತ್ತಮ ಪ್ರದರ್ಶನ ನೀಡಿದ ಮಕ್ಕಳಿಗೆ ಬಹುಮಾನ ವಿತರಿಸಲಾಯಿತು.

ಕಾರ್ಯಕ್ರಮದಲ್ಲಿ ಮುಖ್ಯ ಅತಿಥಿಗಳಾಗಿ ಭಾಗವಹಿಸಿದ್ದ ಅವರು, ಇತಿಹಾಸದ ಮಹಾನ್ ವ್ಯಕ್ತಿಗಳ ಜೀವನ ಚರಿತ್ರೆಯನ್ನು ಮಕ್ಕಳಿಗೆ ತಿಳಿಸುವ ಅಗತ್ಯವಿದೆ ಎಂದರು.

ಕಾರ್ಯಕ್ರಮದಲ್ಲಿ ಸಂಸ್ಥೆಯ ಆಡಳಿತ ಮಂಡಳಿ ಸದಸ್ಯರು, ಶಿಕ್ಷಕರು ಹಾಗೂ ಸ್ಥಳೀಯ ಗ್ರಾಮಸ್ಥರು ಹಾಜರಿದ್ದರು.
